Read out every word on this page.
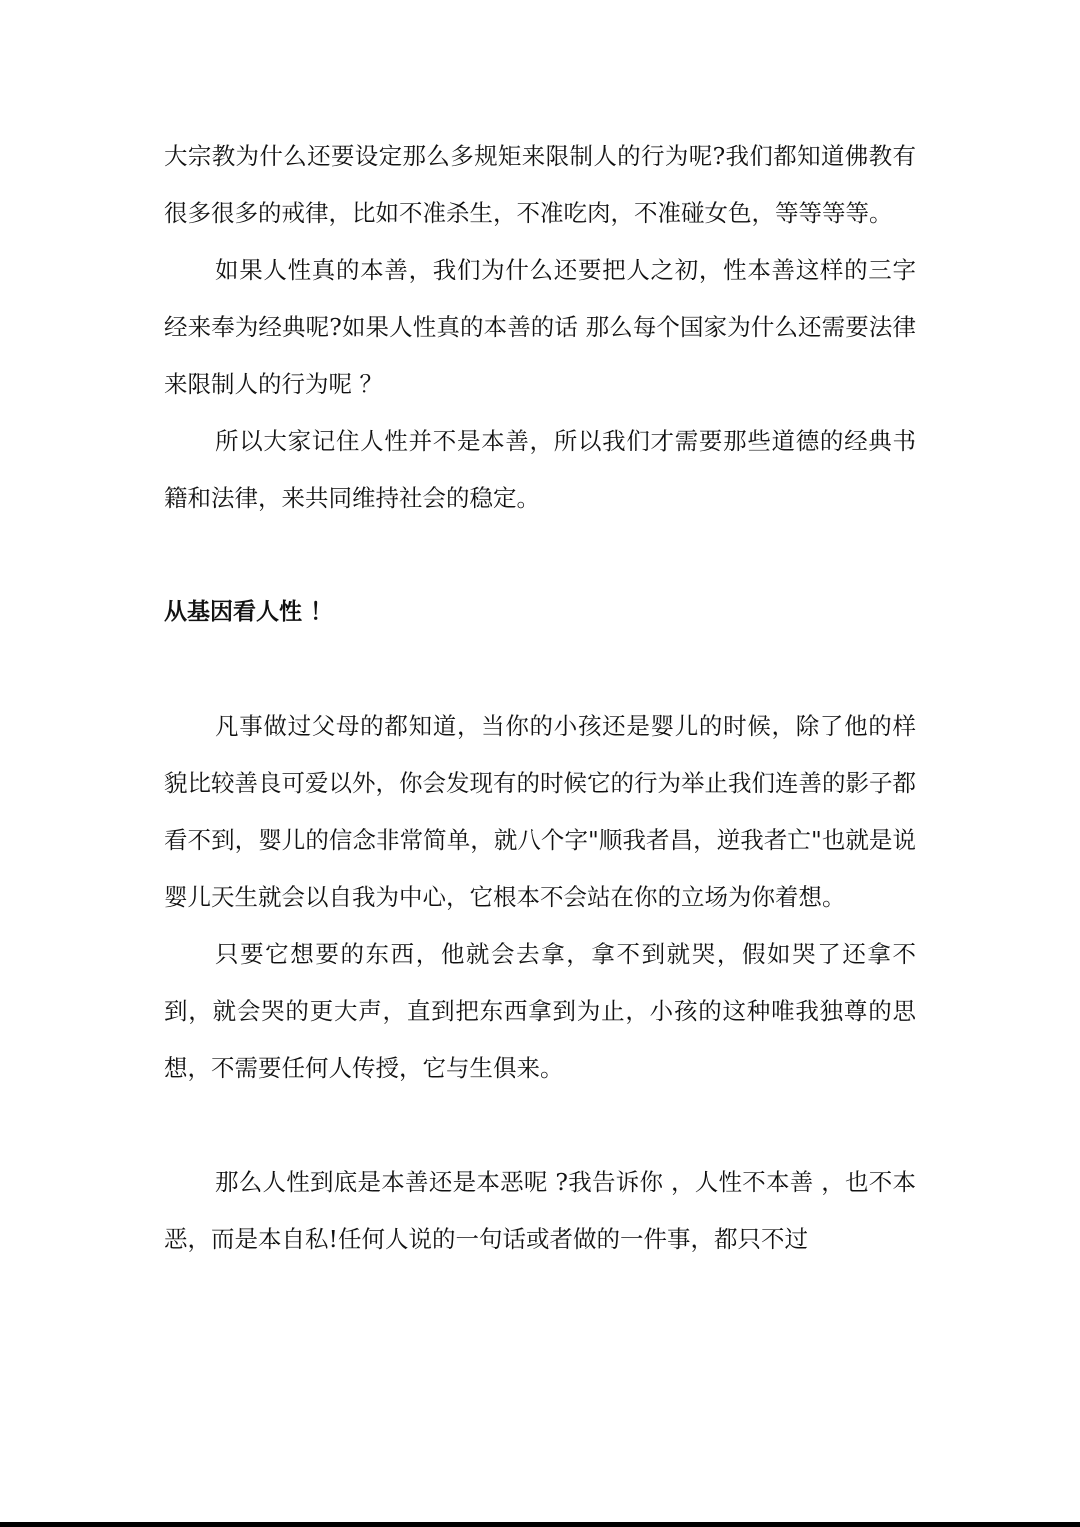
大宗教为什么还要设定那么多规矩来限制人的行为呢?我们都知道佛教有很多很多的戒律，比如不准杀生，不准吃肉，不准碰女色，等等等等。

如果人性真的本善，我们为什么还要把人之初，性本善这样的三字经来奉为经典呢?如果人性真的本善的话 那么每个国家为什么还需要法律来限制人的行为呢 ？

所以大家记住人性并不是本善，所以我们才需要那些道德的经典书籍和法律，来共同维持社会的稳定。

从基因看人性 ！

凡事做过父母的都知道，当你的小孩还是婴儿的时候，除了他的样貌比较善良可爱以外，你会发现有的时候它的行为举止我们连善的影子都看不到，婴儿的信念非常简单，就八个字"顺我者昌，逆我者亡"也就是说婴儿天生就会以自我为中心，它根本不会站在你的立场为你着想。

只要它想要的东西，他就会去拿，拿不到就哭，假如哭了还拿不到，就会哭的更大声，直到把东西拿到为止，小孩的这种唯我独尊的思想，不需要任何人传授，它与生俱来。

那么人性到底是本善还是本恶呢 ?我告诉你 ，人性不本善 ，也不本恶，而是本自私!任何人说的一句话或者做的一件事，都只不过
